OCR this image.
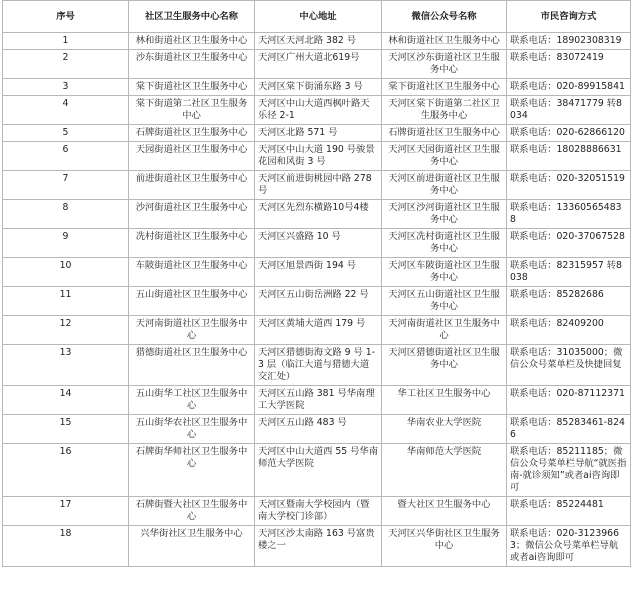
序号	社区卫生服务中心名称	中心地址	微信公众号名称	市民咨询方式
1	林和街道社区卫生服务中心	天河区天河北路 382 号	林和街道社区卫生服务中心	联系电话：18902308319
2	沙东街道社区卫生服务中心	天河区广州大道北619号	天河区沙东街道社区卫生服务中心	联系电话：83072419
3	棠下街道社区卫生服务中心	天河区棠下街涌东路 3 号	棠下街道社区卫生服务中心	联系电话：020-89915841
4	棠下街道第二社区卫生服务中心	天河区中山大道西枫叶路天乐径 2-1	天河区棠下街道第二社区卫生服务中心	联系电话：38471779 转8034
5	石牌街道社区卫生服务中心	天河区北路 571 号	石牌街道社区卫生服务中心	联系电话：020-62866120
6	天园街道社区卫生服务中心	天河区中山大道 190 号骏景花园和风街 3 号	天河区天园街道社区卫生服务中心	联系电话：18028886631
7	前进街道社区卫生服务中心	天河区前进街桃园中路 278 号	天河区前进街道社区卫生服务中心	联系电话：020-32051519
8	沙河街道社区卫生服务中心	天河区先烈东横路10号4楼	天河区沙河街道社区卫生服务中心	联系电话：133605654838
9	冼村街道社区卫生服务中心	天河区兴盛路 10 号	天河区冼村街道社区卫生服务中心	联系电话：020-37067528
10	车陂街道社区卫生服务中心	天河区旭景西街 194 号	天河区车陂街道社区卫生服务中心	联系电话：82315957 转8038
11	五山街道社区卫生服务中心	天河区五山街岳洲路 22 号	天河区五山街道社区卫生服务中心	联系电话：85282686
12	天河南街道社区卫生服务中心	天河区黄埔大道西 179 号	天河南街道社区卫生服务中心	联系电话：82409200
13	猎德街道社区卫生服务中心	天河区猎德街海文路 9 号 1-3 层（临江大道与猎德大道交汇处）	天河区猎德街道社区卫生服务中心	联系电话：31035000；微信公众号菜单栏及快捷回复
14	五山街华工社区卫生服务中心	天河区五山路 381 号华南理工大学医院	华工社区卫生服务中心	联系电话：020-87112371
15	五山街华农社区卫生服务中心	天河区五山路 483 号	华南农业大学医院	联系电话：85283461-8246
16	石牌街华师社区卫生服务中心	天河区中山大道西 55 号华南师范大学医院	华南师范大学医院	联系电话：85211185；微信公众号菜单栏导航“就医指南-就诊须知”或者ai咨询即可
17	石牌街暨大社区卫生服务中心	天河区暨南大学校园内（暨南大学校门诊部）	暨大社区卫生服务中心	联系电话：85224481
18	兴华街社区卫生服务中心	天河区沙太南路 163 号富贵楼之一	天河区兴华街社区卫生服务中心	联系电话：020-31239663；微信公众号菜单栏导航或者ai咨询即可
